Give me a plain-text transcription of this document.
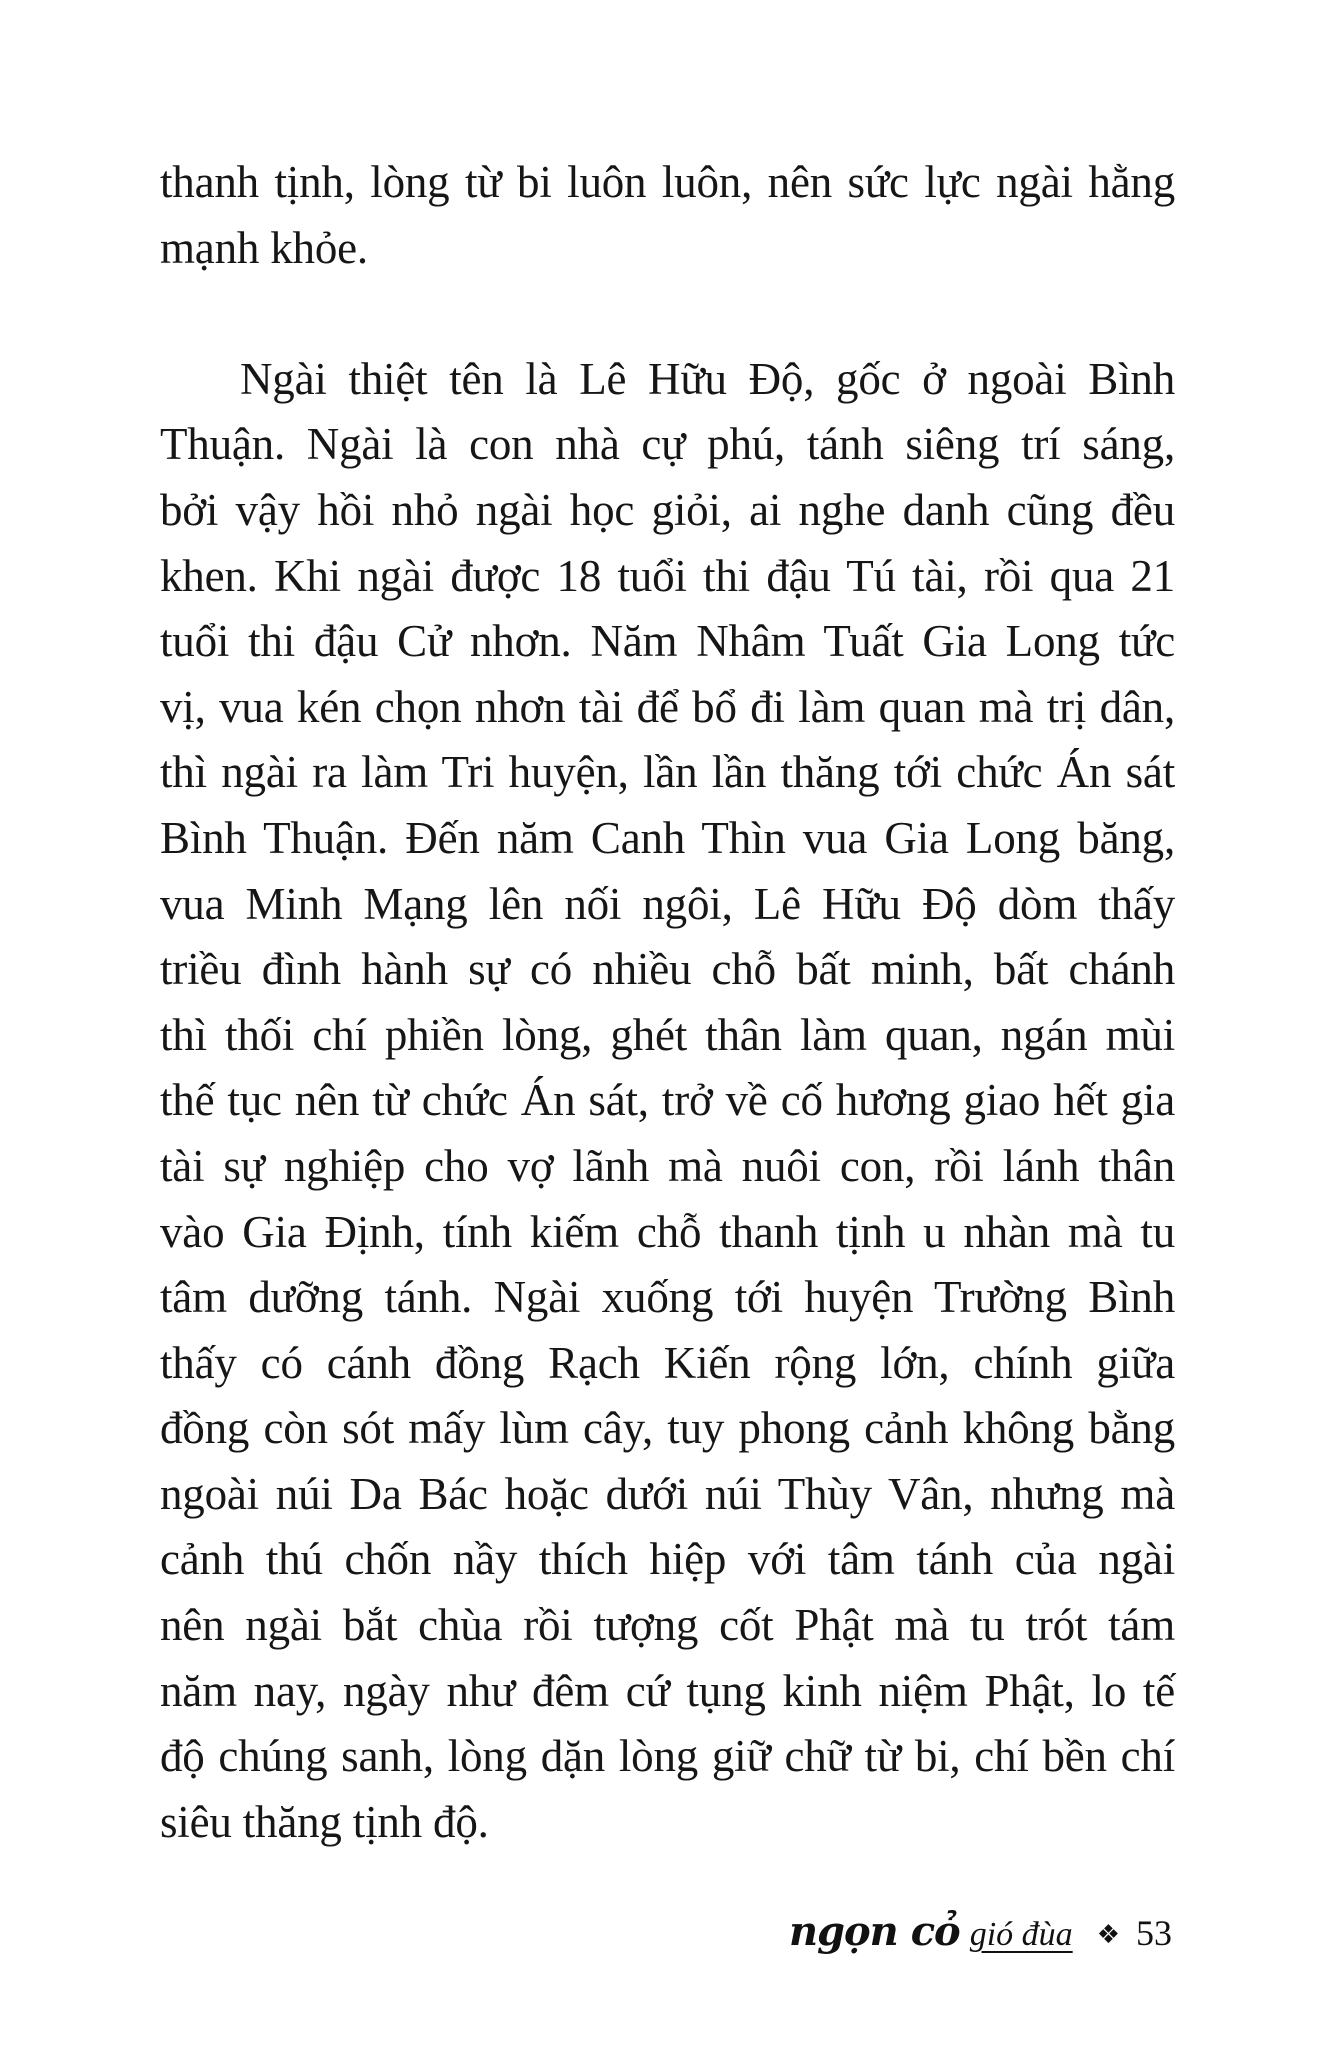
thanh tịnh, lòng từ bi luôn luôn, nên sức lực ngài hằng
mạnh khỏe.
Ngài thiệt tên là Lê Hữu Độ, gốc ở ngoài Bình
Thuận. Ngài là con nhà cự phú, tánh siêng trí sáng,
bởi vậy hồi nhỏ ngài học giỏi, ai nghe danh cũng đều
khen. Khi ngài được 18 tuổi thi đậu Tú tài, rồi qua 21
tuổi thi đậu Cử nhơn. Năm Nhâm Tuất Gia Long tức
vị, vua kén chọn nhơn tài để bổ đi làm quan mà trị dân,
thì ngài ra làm Tri huyện, lần lần thăng tới chức Án sát
Bình Thuận. Đến năm Canh Thìn vua Gia Long băng,
vua Minh Mạng lên nối ngôi, Lê Hữu Độ dòm thấy
triều đình hành sự có nhiều chỗ bất minh, bất chánh
thì thối chí phiền lòng, ghét thân làm quan, ngán mùi
thế tục nên từ chức Án sát, trở về cố hương giao hết gia
tài sự nghiệp cho vợ lãnh mà nuôi con, rồi lánh thân
vào Gia Định, tính kiếm chỗ thanh tịnh u nhàn mà tu
tâm dưỡng tánh. Ngài xuống tới huyện Trường Bình
thấy có cánh đồng Rạch Kiến rộng lớn, chính giữa
đồng còn sót mấy lùm cây, tuy phong cảnh không bằng
ngoài núi Da Bác hoặc dưới núi Thùy Vân, nhưng mà
cảnh thú chốn nầy thích hiệp với tâm tánh của ngài
nên ngài bắt chùa rồi tượng cốt Phật mà tu trót tám
năm nay, ngày như đêm cứ tụng kinh niệm Phật, lo tế
độ chúng sanh, lòng dặn lòng giữ chữ từ bi, chí bền chí
siêu thăng tịnh độ.
ngọn cỏ gió đùa ❖ 53
